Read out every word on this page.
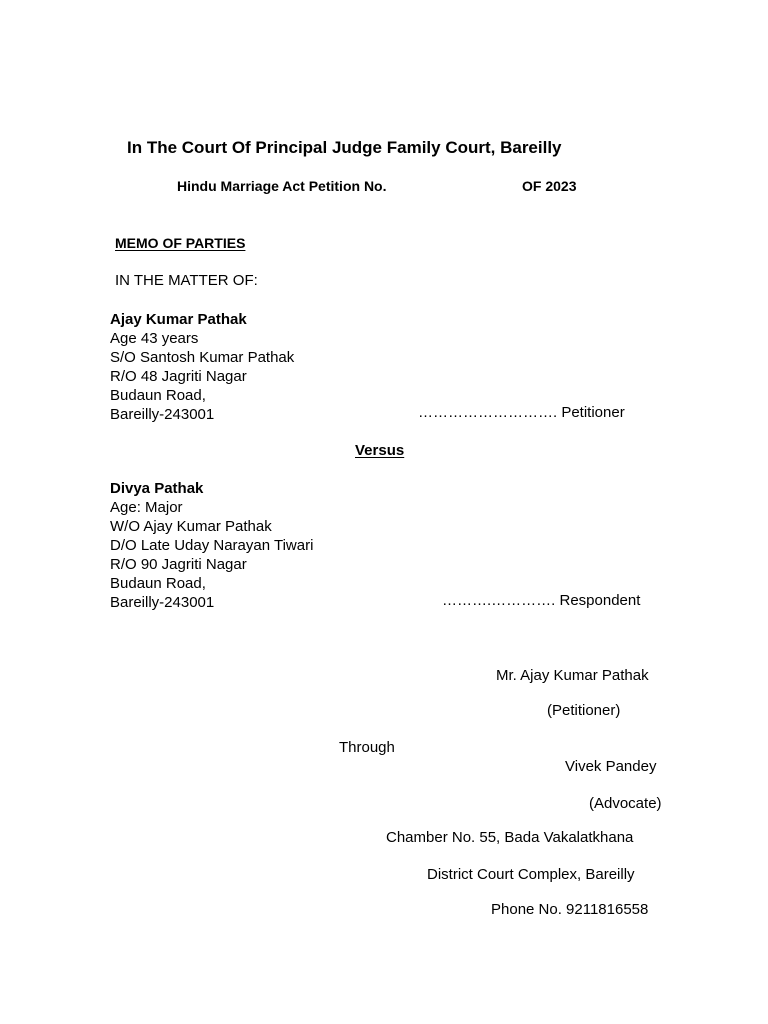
In The Court Of Principal Judge Family Court, Bareilly
Hindu Marriage Act Petition No.	OF 2023
MEMO OF PARTIES
IN THE MATTER OF:
Ajay Kumar Pathak
Age 43 years
S/O Santosh Kumar Pathak
R/O 48 Jagriti Nagar
Budaun Road,
Bareilly-243001	………………………. Petitioner
Versus
Divya Pathak
Age: Major
W/O Ajay Kumar Pathak
D/O Late Uday Narayan Tiwari
R/O 90 Jagriti Nagar
Budaun Road,
Bareilly-243001	……….…………. Respondent
Mr. Ajay Kumar Pathak
(Petitioner)
Through
Vivek Pandey
(Advocate)
Chamber No. 55, Bada Vakalatkhana
District Court Complex, Bareilly
Phone No. 9211816558
